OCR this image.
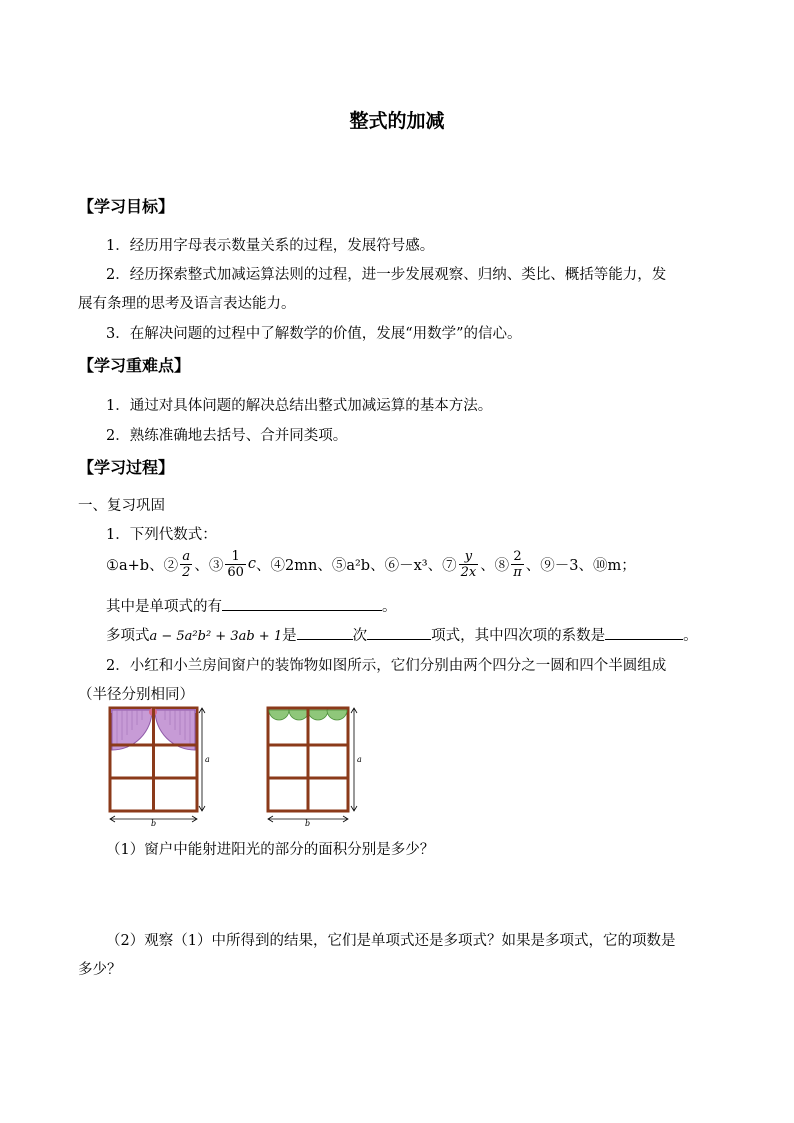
整式的加减
【学习目标】
1．经历用字母表示数量关系的过程，发展符号感。
2．经历探索整式加减运算法则的过程，进一步发展观察、归纳、类比、概括等能力，发
展有条理的思考及语言表达能力。
3．在解决问题的过程中了解数学的价值，发展“用数学”的信心。
【学习重难点】
1．通过对具体问题的解决总结出整式加减运算的基本方法。
2．熟练准确地去括号、合并同类项。
【学习过程】
一、复习巩固
1．下列代数式：
①a+b、② $\frac{a}{2}$ 、③ $\frac{1}{60}$ c 、④2mn、⑤a²b、⑥－x³、⑦ $\frac{y}{2x}$ 、⑧ $\frac{2}{\pi}$ 、⑨－3、⑩m；
其中是单项式的有	。
多项式a − 5a²b² + 3ab + 1是	次	项式，其中四次项的系数是	。
2．小红和小兰房间窗户的装饰物如图所示，它们分别由两个四分之一圆和四个半圆组成
（半径分别相同）
a
b
a
b
（1）窗户中能射进阳光的部分的面积分别是多少？
（2）观察（1）中所得到的结果，它们是单项式还是多项式？如果是多项式，它的项数是
多少？
